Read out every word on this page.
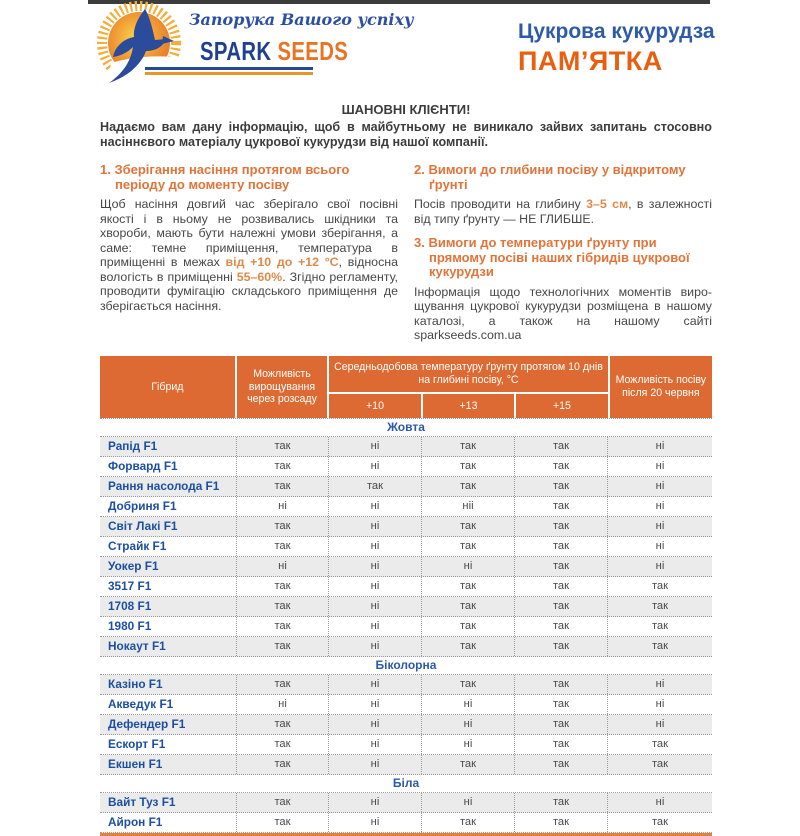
Запорука Вашого успіху
SPARK SEEDS
Цукрова кукурудза
ПАМ’ЯТКА
ШАНОВНІ КЛІЄНТИ!
Надаємо вам дану інформацію, щоб в майбутньому не виникало зайвих запитань стосовно насіннєвого матеріалу цукрової кукурудзи від нашої компанії.

1. Зберігання насіння протягом всього періоду до моменту посіву

Щоб насіння довгий час зберігало свої посівні якості і в ньому не розвивались шкідники та хвороби, мають бути належні умови зберігання, а саме: темне приміщення, температура в приміщенні в межах від +10 до +12 °С, відносна вологість в приміщенні 55–60%. Згідно регламенту, проводити фумігацію складського приміщення де зберігається насіння.

2. Вимоги до глибини посіву у відкритому ґрунті

Посів проводити на глибину 3–5 см, в залежності від типу ґрунту — НЕ ГЛИБШЕ.

3. Вимоги до температури ґрунту при прямому посіві наших гібридів цукрової кукурудзи

Інформація щодо технологічних моментів вирощування цукрової кукурудзи розміщена в нашому каталозі, а також на нашому сайті sparkseeds.com.ua

Гібрид
Можливість вирощування через розсаду
Середньодобова температуру ґрунту протягом 10 днів на глибині посіву, °С
+10	+13	+15
Можливість посіву після 20 червня
Жовта
Рапід F1	так	ні	так	так	ні
Форвард F1	так	ні	так	так	ні
Рання насолода F1	так	так	так	так	ні
Добриня F1	ні	ні	ніі	так	ні
Світ Лакі F1	так	ні	так	так	ні
Страйк F1	так	ні	так	так	ні
Уокер F1	ні	ні	ні	так	ні
3517 F1	так	ні	так	так	так
1708 F1	так	ні	так	так	так
1980 F1	так	ні	так	так	так
Нокаут F1	так	ні	так	так	так
Біколорна
Казіно F1	так	ні	так	так	ні
Акведук F1	ні	ні	ні	так	ні
Дефендер F1	так	ні	ні	так	ні
Ескорт F1	так	ні	ні	так	так
Екшен F1	так	ні	так	так	так
Біла
Вайт Туз F1	так	ні	ні	так	ні
Айрон F1	так	ні	так	так	так
